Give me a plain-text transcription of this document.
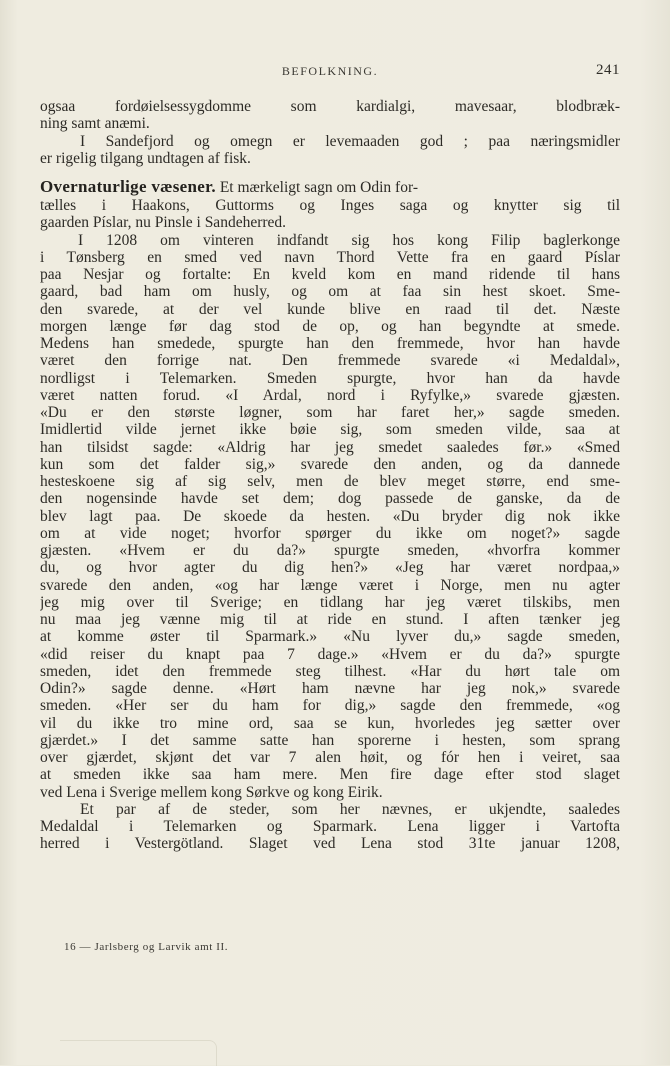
BEFOLKNING.	241
ogsaa fordøielsessygdomme som kardialgi, mavesaar, blodbræk-
ning samt anæmi.
I Sandefjord og omegn er levemaaden god ; paa næringsmidler
er rigelig tilgang undtagen af fisk.
Overnaturlige væsener. Et mærkeligt sagn om Odin for-
tælles i Haakons, Guttorms og Inges saga og knytter sig til
gaarden Píslar, nu Pinsle i Sandeherred.
I 1208 om vinteren indfandt sig hos kong Filip baglerkonge
i Tønsberg en smed ved navn Thord Vette fra en gaard Píslar
paa Nesjar og fortalte: En kveld kom en mand ridende til hans
gaard, bad ham om husly, og om at faa sin hest skoet. Sme-
den svarede, at der vel kunde blive en raad til det. Næste
morgen længe før dag stod de op, og han begyndte at smede.
Medens han smedede, spurgte han den fremmede, hvor han havde
været den forrige nat. Den fremmede svarede «i Medaldal»,
nordligst i Telemarken. Smeden spurgte, hvor han da havde
været natten forud. «I Ardal, nord i Ryfylke,» svarede gjæsten.
«Du er den største løgner, som har faret her,» sagde smeden.
Imidlertid vilde jernet ikke bøie sig, som smeden vilde, saa at
han tilsidst sagde: «Aldrig har jeg smedet saaledes før.» «Smed
kun som det falder sig,» svarede den anden, og da dannede
hesteskoene sig af sig selv, men de blev meget større, end sme-
den nogensinde havde set dem; dog passede de ganske, da de
blev lagt paa. De skoede da hesten. «Du bryder dig nok ikke
om at vide noget; hvorfor spørger du ikke om noget?» sagde
gjæsten. «Hvem er du da?» spurgte smeden, «hvorfra kommer
du, og hvor agter du dig hen?» «Jeg har været nordpaa,»
svarede den anden, «og har længe været i Norge, men nu agter
jeg mig over til Sverige; en tidlang har jeg været tilskibs, men
nu maa jeg vænne mig til at ride en stund. I aften tænker jeg
at komme øster til Sparmark.» «Nu lyver du,» sagde smeden,
«did reiser du knapt paa 7 dage.» «Hvem er du da?» spurgte
smeden, idet den fremmede steg tilhest. «Har du hørt tale om
Odin?» sagde denne. «Hørt ham nævne har jeg nok,» svarede
smeden. «Her ser du ham for dig,» sagde den fremmede, «og
vil du ikke tro mine ord, saa se kun, hvorledes jeg sætter over
gjærdet.» I det samme satte han sporerne i hesten, som sprang
over gjærdet, skjønt det var 7 alen høit, og fór hen i veiret, saa
at smeden ikke saa ham mere. Men fire dage efter stod slaget
ved Lena i Sverige mellem kong Sørkve og kong Eirik.
Et par af de steder, som her nævnes, er ukjendte, saaledes
Medaldal i Telemarken og Sparmark. Lena ligger i Vartofta
herred i Vestergötland. Slaget ved Lena stod 31te januar 1208,
16 — Jarlsberg og Larvik amt II.
